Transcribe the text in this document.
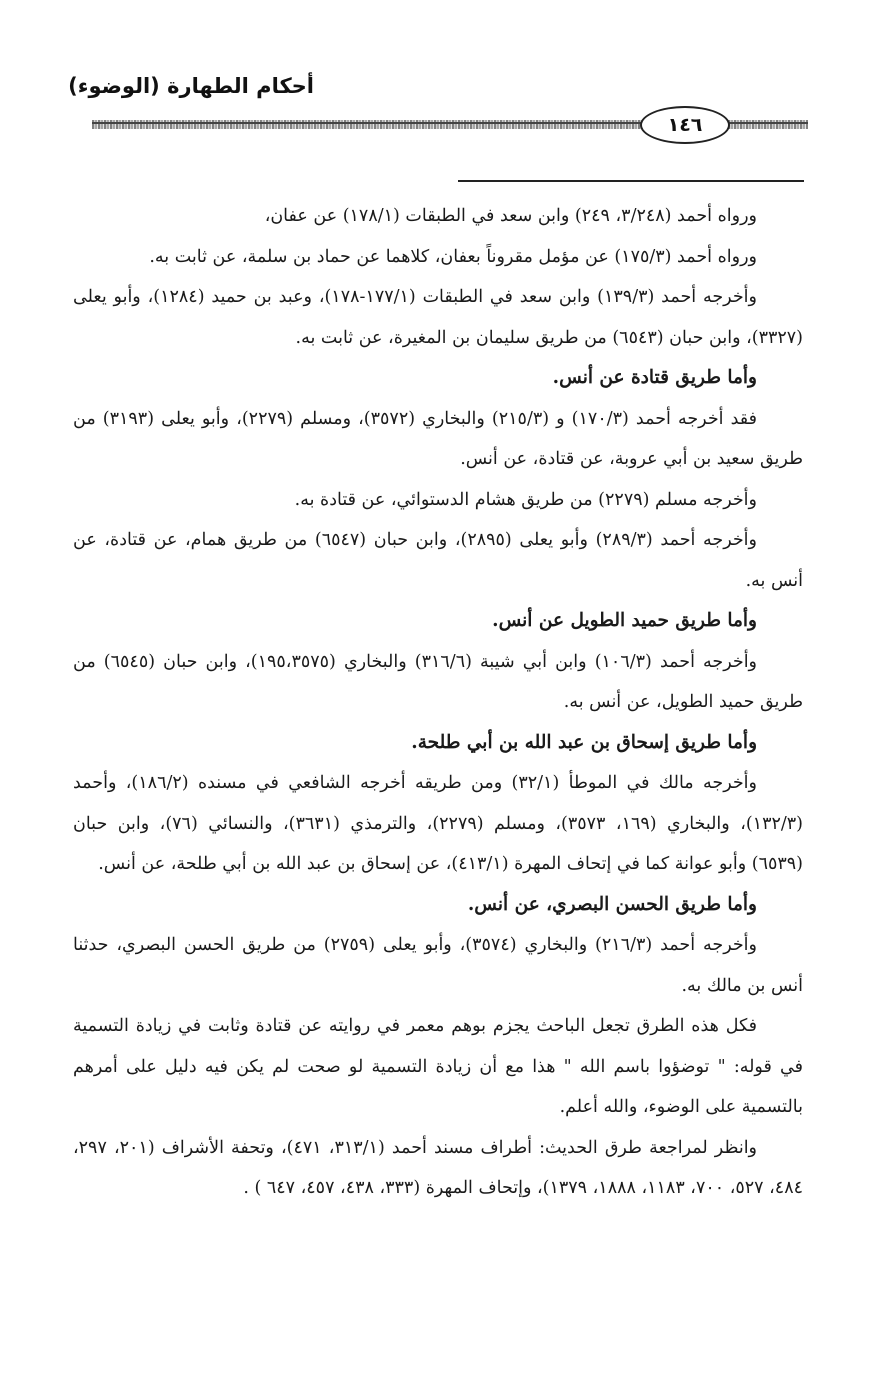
أحكام الطهارة (الوضوء)
١٤٦

ورواه أحمد (٣/٢٤٨، ٢٤٩) وابن سعد في الطبقات (١٧٨/١) عن عفان،

ورواه أحمد (١٧٥/٣) عن مؤمل مقروناً بعفان، كلاهما عن حماد بن سلمة، عن ثابت به.

وأخرجه أحمد (١٣٩/٣) وابن سعد في الطبقات (١٧٧/١-١٧٨)، وعبد بن حميد (١٢٨٤)، وأبو يعلى (٣٣٢٧)، وابن حبان (٦٥٤٣) من طريق سليمان بن المغيرة، عن ثابت به.

وأما طريق قتادة عن أنس.

فقد أخرجه أحمد (١٧٠/٣) و (٢١٥/٣) والبخاري (٣٥٧٢)، ومسلم (٢٢٧٩)، وأبو يعلى (٣١٩٣) من طريق سعيد بن أبي عروبة، عن قتادة، عن أنس.

وأخرجه مسلم (٢٢٧٩) من طريق هشام الدستوائي، عن قتادة به.

وأخرجه أحمد (٢٨٩/٣) وأبو يعلى (٢٨٩٥)، وابن حبان (٦٥٤٧) من طريق همام، عن قتادة، عن أنس به.

وأما طريق حميد الطويل عن أنس.

وأخرجه أحمد (١٠٦/٣) وابن أبي شيبة (٣١٦/٦) والبخاري (١٩٥،٣٥٧٥)، وابن حبان (٦٥٤٥) من طريق حميد الطويل، عن أنس به.

وأما طريق إسحاق بن عبد الله بن أبي طلحة.

وأخرجه مالك في الموطأ (٣٢/١) ومن طريقه أخرجه الشافعي في مسنده (١٨٦/٢)، وأحمد (١٣٢/٣)، والبخاري (١٦٩، ٣٥٧٣)، ومسلم (٢٢٧٩)، والترمذي (٣٦٣١)، والنسائي (٧٦)، وابن حبان (٦٥٣٩) وأبو عوانة كما في إتحاف المهرة (٤١٣/١)، عن إسحاق بن عبد الله بن أبي طلحة، عن أنس.

وأما طريق الحسن البصري، عن أنس.

وأخرجه أحمد (٢١٦/٣) والبخاري (٣٥٧٤)، وأبو يعلى (٢٧٥٩) من طريق الحسن البصري، حدثنا أنس بن مالك به.

فكل هذه الطرق تجعل الباحث يجزم بوهم معمر في روايته عن قتادة وثابت في زيادة التسمية في قوله: " توضؤوا باسم الله " هذا مع أن زيادة التسمية لو صحت لم يكن فيه دليل على أمرهم بالتسمية على الوضوء، والله أعلم.

وانظر لمراجعة طرق الحديث: أطراف مسند أحمد (٣١٣/١، ٤٧١)، وتحفة الأشراف (٢٠١، ٢٩٧، ٤٨٤، ٥٢٧، ٧٠٠، ١١٨٣، ١٨٨٨، ١٣٧٩)، وإتحاف المهرة (٣٣٣، ٤٣٨، ٤٥٧، ٦٤٧ ) .
